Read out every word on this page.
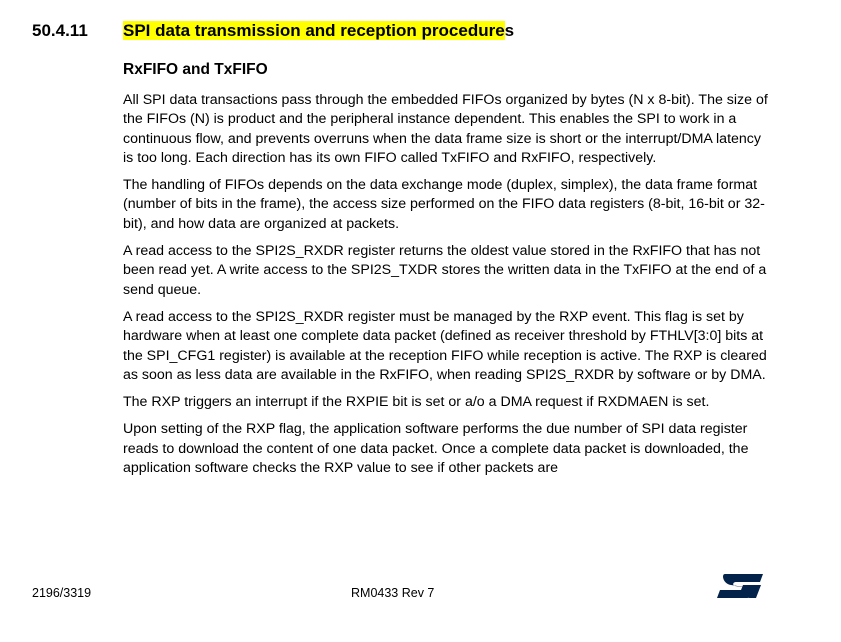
50.4.11 SPI data transmission and reception procedures
RxFIFO and TxFIFO

All SPI data transactions pass through the embedded FIFOs organized by bytes (N x 8-bit). The size of the FIFOs (N) is product and the peripheral instance dependent. This enables the SPI to work in a continuous flow, and prevents overruns when the data frame size is short or the interrupt/DMA latency is too long. Each direction has its own FIFO called TxFIFO and RxFIFO, respectively.

The handling of FIFOs depends on the data exchange mode (duplex, simplex), the data frame format (number of bits in the frame), the access size performed on the FIFO data registers (8-bit, 16-bit or 32-bit), and how data are organized at packets.

A read access to the SPI2S_RXDR register returns the oldest value stored in the RxFIFO that has not been read yet. A write access to the SPI2S_TXDR stores the written data in the TxFIFO at the end of a send queue.

A read access to the SPI2S_RXDR register must be managed by the RXP event. This flag is set by hardware when at least one complete data packet (defined as receiver threshold by FTHLV[3:0] bits at the SPI_CFG1 register) is available at the reception FIFO while reception is active. The RXP is cleared as soon as less data are available in the RxFIFO, when reading SPI2S_RXDR by software or by DMA.

The RXP triggers an interrupt if the RXPIE bit is set or a/o a DMA request if RXDMAEN is set.

Upon setting of the RXP flag, the application software performs the due number of SPI data register reads to download the content of one data packet. Once a complete data packet is downloaded, the application software checks the RXP value to see if other packets are

2196/3319	RM0433 Rev 7
